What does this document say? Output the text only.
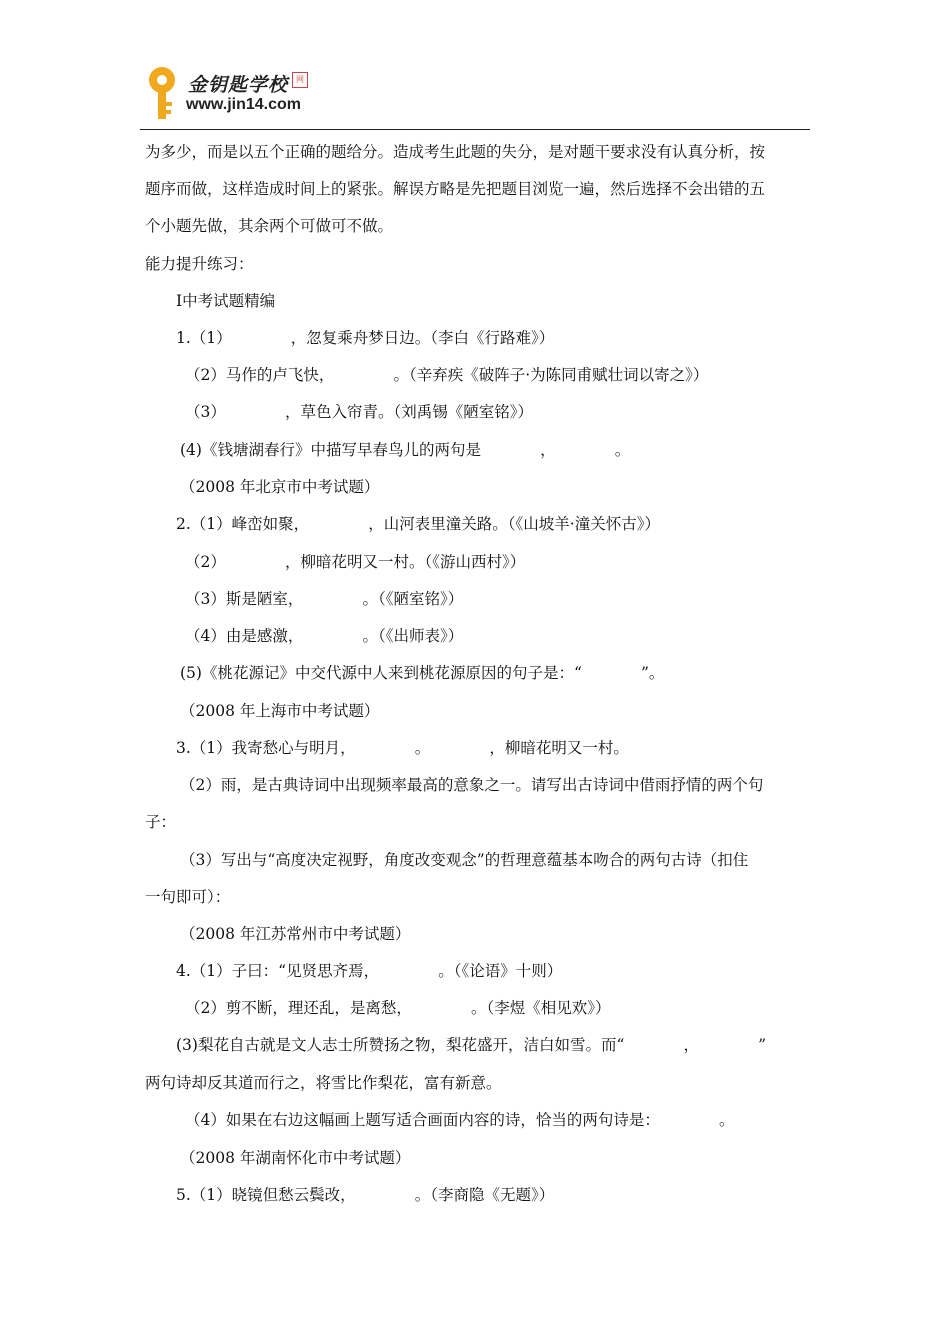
金钥匙学校 网
www.jin14.com
为多少，而是以五个正确的题给分。造成考生此题的失分，是对题干要求没有认真分析，按
题序而做，这样造成时间上的紧张。解误方略是先把题目浏览一遍，然后选择不会出错的五
个小题先做，其余两个可做可不做。
能力提升练习：
Ⅰ中考试题精编
1.（1）            ，忽复乘舟梦日边。（李白《行路难》）
（2）马作的卢飞快，            。（辛弃疾《破阵子·为陈同甫赋壮词以寄之》）
（3）            ，草色入帘青。（刘禹锡《陋室铭》）
(4)《钱塘湖春行》中描写早春鸟儿的两句是            ，            。
（2008 年北京市中考试题）
2.（1）峰峦如聚，            ，山河表里潼关路。（《山坡羊·潼关怀古》）
（2）            ，柳暗花明又一村。（《游山西村》）
（3）斯是陋室，            。（《陋室铭》）
（4）由是感激，            。（《出师表》）
(5)《桃花源记》中交代源中人来到桃花源原因的句子是：“            ”。
（2008 年上海市中考试题）
3.（1）我寄愁心与明月，            。            ，柳暗花明又一村。
（2）雨，是古典诗词中出现频率最高的意象之一。请写出古诗词中借雨抒情的两个句
子：
（3）写出与“高度决定视野，角度改变观念”的哲理意蕴基本吻合的两句古诗（扣住
一句即可）：
（2008 年江苏常州市中考试题）
4.（1）子曰：“见贤思齐焉，            。（《论语》十则）
（2）剪不断，理还乱，是离愁，            。（李煜《相见欢》）
(3)梨花自古就是文人志士所赞扬之物，梨花盛开，洁白如雪。而“            ，            ”
两句诗却反其道而行之，将雪比作梨花，富有新意。
（4）如果在右边这幅画上题写适合画面内容的诗，恰当的两句诗是：            。
（2008 年湖南怀化市中考试题）
5.（1）晓镜但愁云鬓改，            。（李商隐《无题》）
